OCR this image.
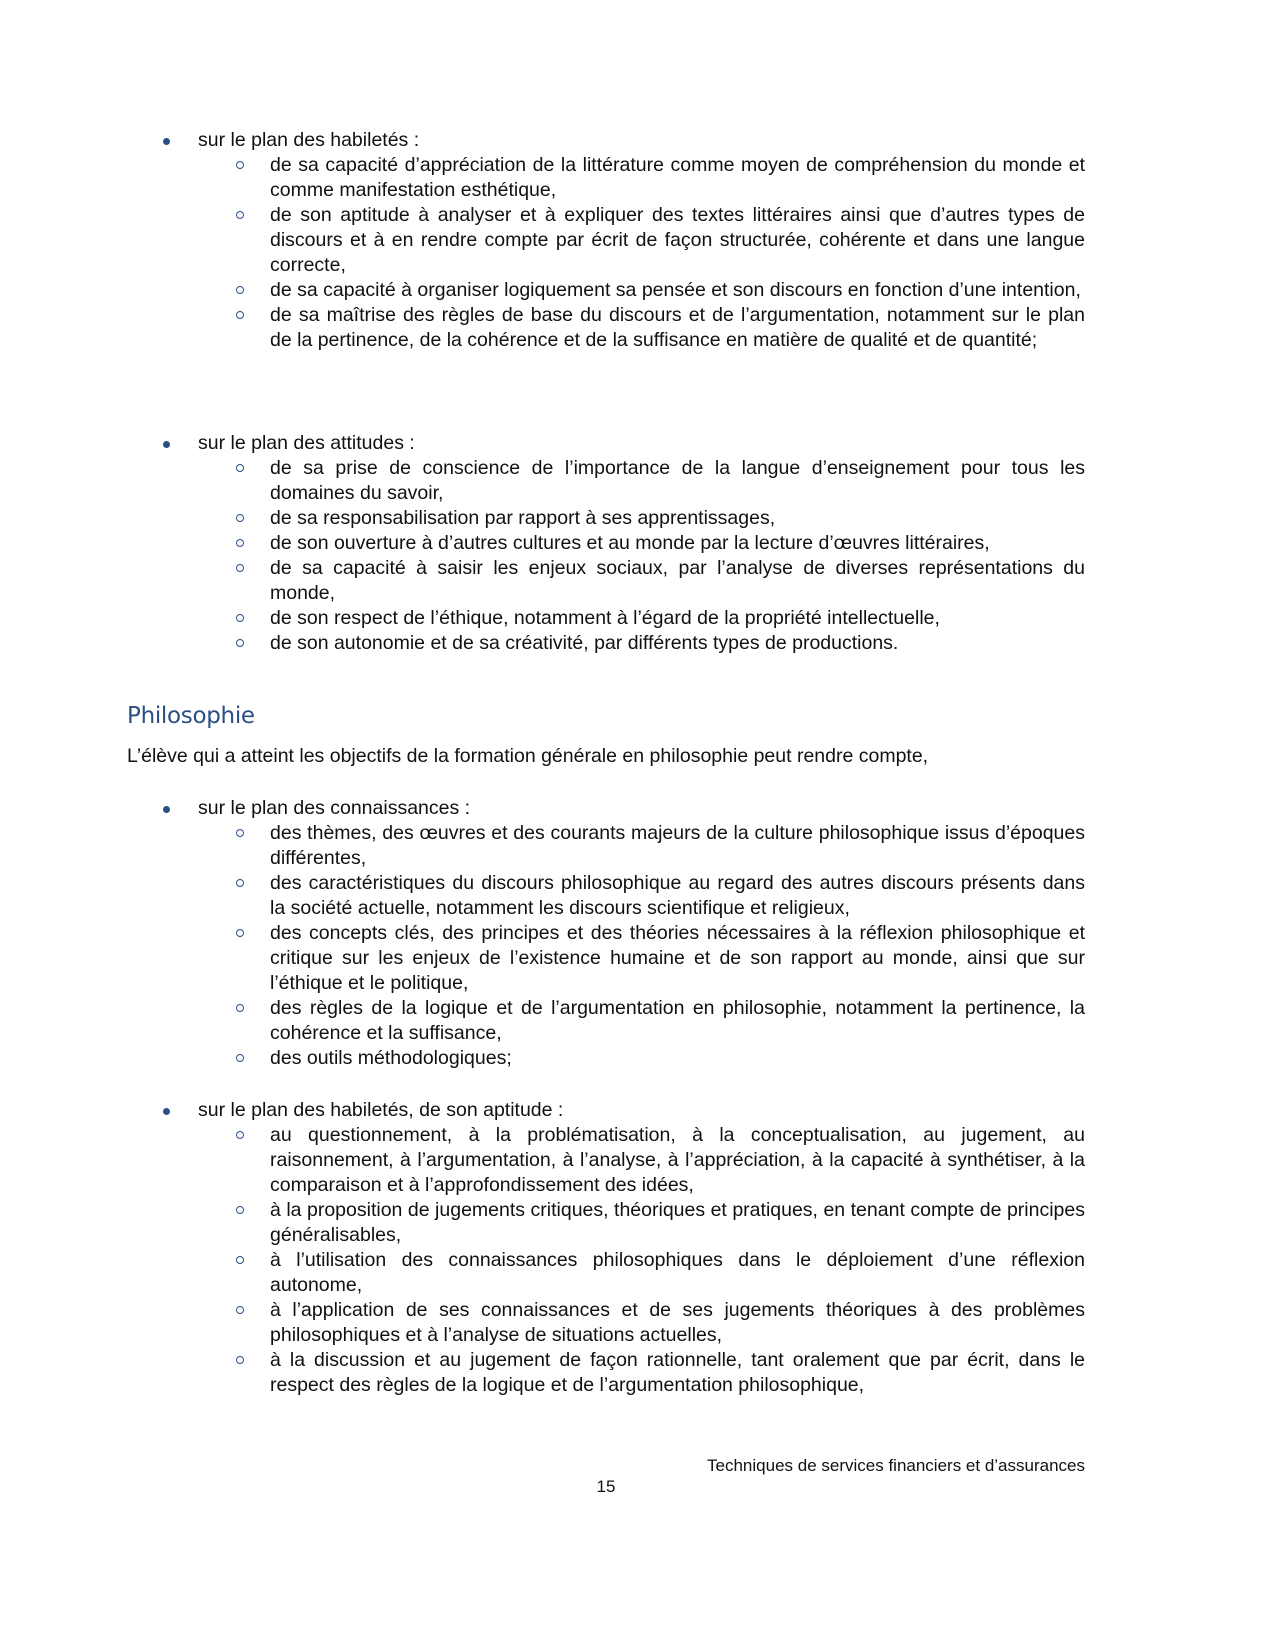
sur le plan des habiletés :
de sa capacité d’appréciation de la littérature comme moyen de compréhension du monde et comme manifestation esthétique,
de son aptitude à analyser et à expliquer des textes littéraires ainsi que d’autres types de discours et à en rendre compte par écrit de façon structurée, cohérente et dans une langue correcte,
de sa capacité à organiser logiquement sa pensée et son discours en fonction d’une intention,
de sa maîtrise des règles de base du discours et de l’argumentation, notamment sur le plan de la pertinence, de la cohérence et de la suffisance en matière de qualité et de quantité;
sur le plan des attitudes :
de sa prise de conscience de l’importance de la langue d’enseignement pour tous les domaines du savoir,
de sa responsabilisation par rapport à ses apprentissages,
de son ouverture à d’autres cultures et au monde par la lecture d’œuvres littéraires,
de sa capacité à saisir les enjeux sociaux, par l’analyse de diverses représentations du monde,
de son respect de l’éthique, notamment à l’égard de la propriété intellectuelle,
de son autonomie et de sa créativité, par différents types de productions.
Philosophie
L’élève qui a atteint les objectifs de la formation générale en philosophie peut rendre compte,
sur le plan des connaissances :
des thèmes, des œuvres et des courants majeurs de la culture philosophique issus d’époques différentes,
des caractéristiques du discours philosophique au regard des autres discours présents dans la société actuelle, notamment les discours scientifique et religieux,
des concepts clés, des principes et des théories nécessaires à la réflexion philosophique et critique sur les enjeux de l’existence humaine et de son rapport au monde, ainsi que sur l’éthique et le politique,
des règles de la logique et de l’argumentation en philosophie, notamment la pertinence, la cohérence et la suffisance,
des outils méthodologiques;
sur le plan des habiletés, de son aptitude :
au questionnement, à la problématisation, à la conceptualisation, au jugement, au raisonnement, à l’argumentation, à l’analyse, à l’appréciation, à la capacité à synthétiser, à la comparaison et à l’approfondissement des idées,
à la proposition de jugements critiques, théoriques et pratiques, en tenant compte de principes généralisables,
à l’utilisation des connaissances philosophiques dans le déploiement d’une réflexion autonome,
à l’application de ses connaissances et de ses jugements théoriques à des problèmes philosophiques et à l’analyse de situations actuelles,
à la discussion et au jugement de façon rationnelle, tant oralement que par écrit, dans le respect des règles de la logique et de l’argumentation philosophique,
Techniques de services financiers et d’assurances
15
